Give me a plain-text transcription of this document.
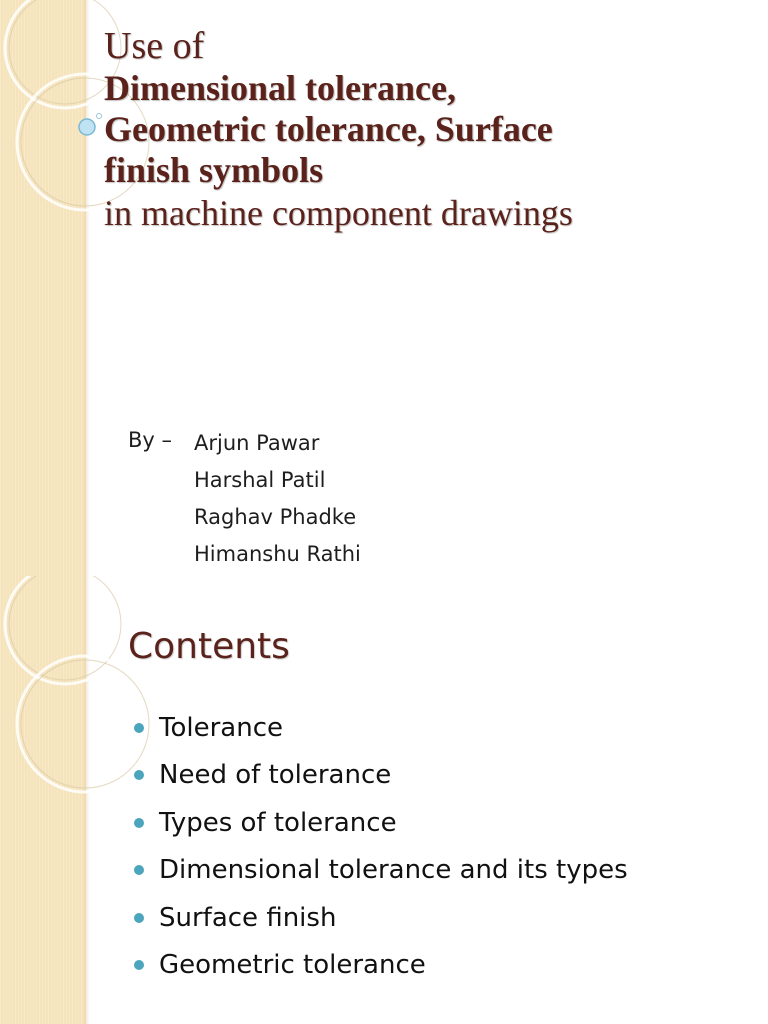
Use of
Dimensional tolerance,
Geometric tolerance, Surface
finish symbols
in machine component drawings
By – Arjun Pawar
Harshal Patil
Raghav Phadke
Himanshu Rathi
Contents
Tolerance
Need of tolerance
Types of tolerance
Dimensional tolerance and its types
Surface finish
Geometric tolerance
